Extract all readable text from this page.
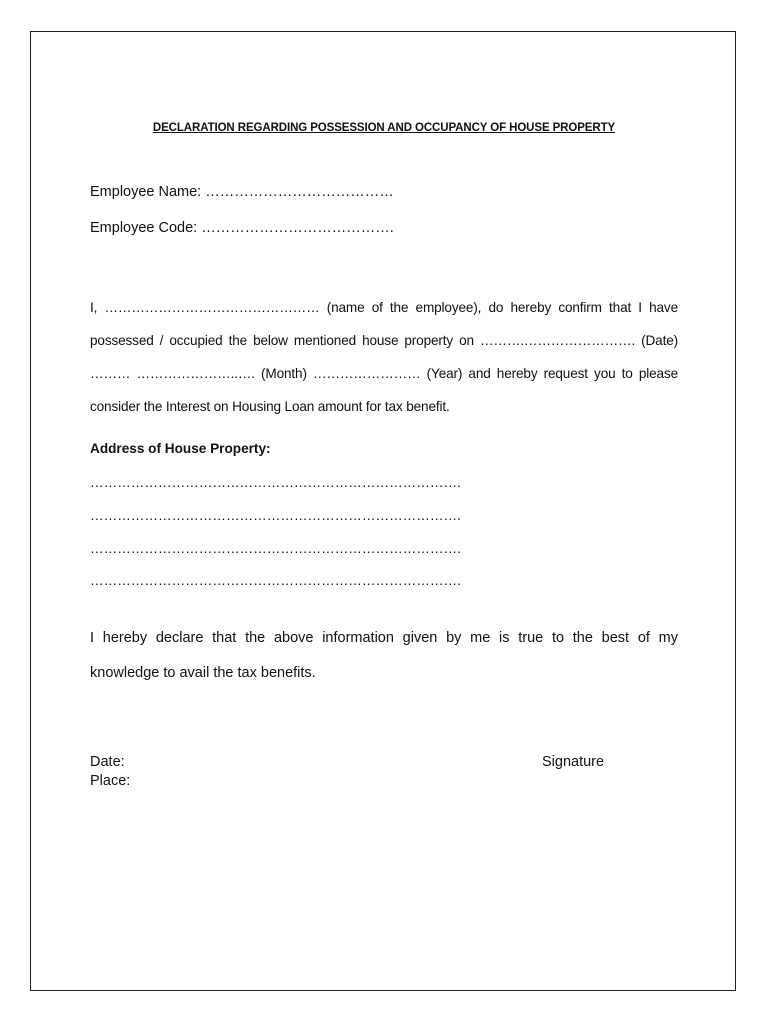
DECLARATION REGARDING POSSESSION AND OCCUPANCY OF HOUSE PROPERTY
Employee Name: …………………………………
Employee Code: ………………………………….
I, ………………………………………… (name of the employee), do hereby confirm that I have
possessed / occupied the below mentioned house property on ……….……………………. (Date)
……… …………………..…. (Month) …………………… (Year) and hereby request you to please
consider the Interest on Housing Loan amount for tax benefit.
Address of House Property:
……………………………………………………………………….
……………………………………………………………………….
……………………………………………………………………….
……………………………………………………………………….
I hereby declare that the above information given by me is true to the best of my
knowledge to avail the tax benefits.
Date:
Place:
Signature
